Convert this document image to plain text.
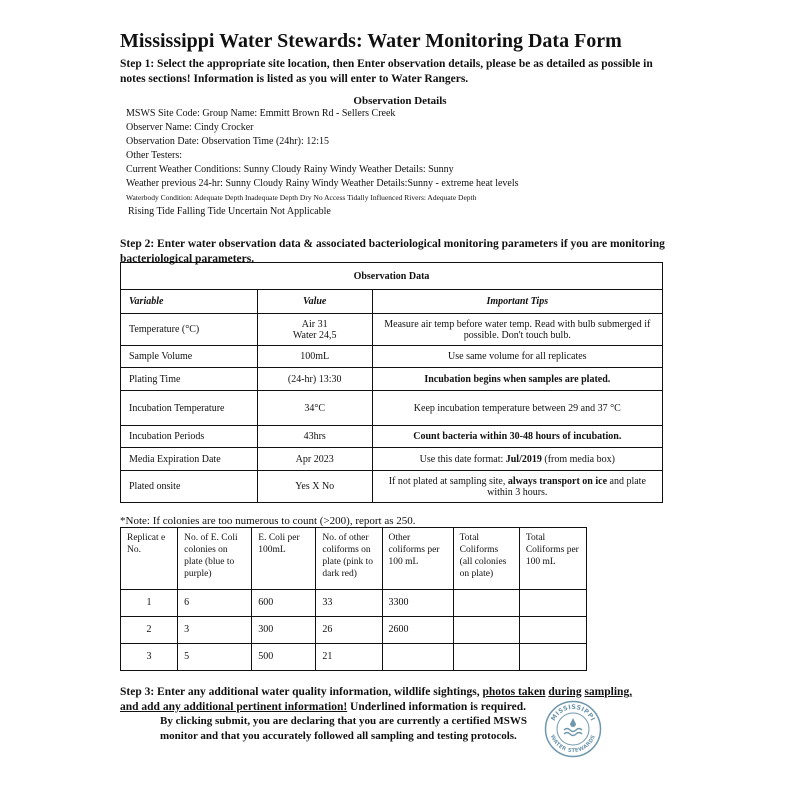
Mississippi Water Stewards: Water Monitoring Data Form
Step 1: Select the appropriate site location, then Enter observation details, please be as detailed as possible in notes sections! Information is listed as you will enter to Water Rangers.
Observation Details
MSWS Site Code: Group Name: Emmitt Brown Rd - Sellers Creek
Observer Name: Cindy Crocker
Observation Date: Observation Time (24hr): 12:15
Other Testers:
Current Weather Conditions: Sunny Cloudy Rainy Windy Weather Details: Sunny
Weather previous 24-hr: Sunny Cloudy Rainy Windy Weather Details:Sunny - extreme heat levels
Waterbody Condition: Adequate Depth Inadequate Depth Dry No Access Tidally Influenced Rivers: Adequate Depth
Rising Tide Falling Tide Uncertain Not Applicable
Step 2: Enter water observation data & associated bacteriological monitoring parameters if you are monitoring bacteriological parameters.
Observation Data		
Variable	Value	Important Tips
Temperature (°C)	Air 31
Water 24,5	Measure air temp before water temp. Read with bulb submerged if possible. Don't touch bulb.
Sample Volume	100mL	Use same volume for all replicates
Plating Time	(24-hr) 13:30	Incubation begins when samples are plated.
Incubation Temperature	34°C	Keep incubation temperature between 29 and 37 °C
Incubation Periods	43hrs	Count bacteria within 30-48 hours of incubation.
Media Expiration Date	Apr 2023	Use this date format: Jul/2019 (from media box)
Plated onsite	Yes X No	If not plated at sampling site, always transport on ice and plate within 3 hours.
*Note: If colonies are too numerous to count (>200), report as 250.
Replicat e No.	No. of E. Coli colonies on plate (blue to purple)	E. Coli per 100mL	No. of other coliforms on plate (pink to dark red)	Other coliforms per 100 mL	Total Coliforms (all colonies on plate)	Total Coliforms per 100 mL
1	6	600	33	3300		
2	3	300	26	2600		
3	5	500	21			
Step 3: Enter any additional water quality information, wildlife sightings, photos taken during sampling, and add any additional pertinent information! Underlined information is required.
By clicking submit, you are declaring that you are currently a certified MSWS monitor and that you accurately followed all sampling and testing protocols.
MISSISSIPPI
WATER STEWARDS
